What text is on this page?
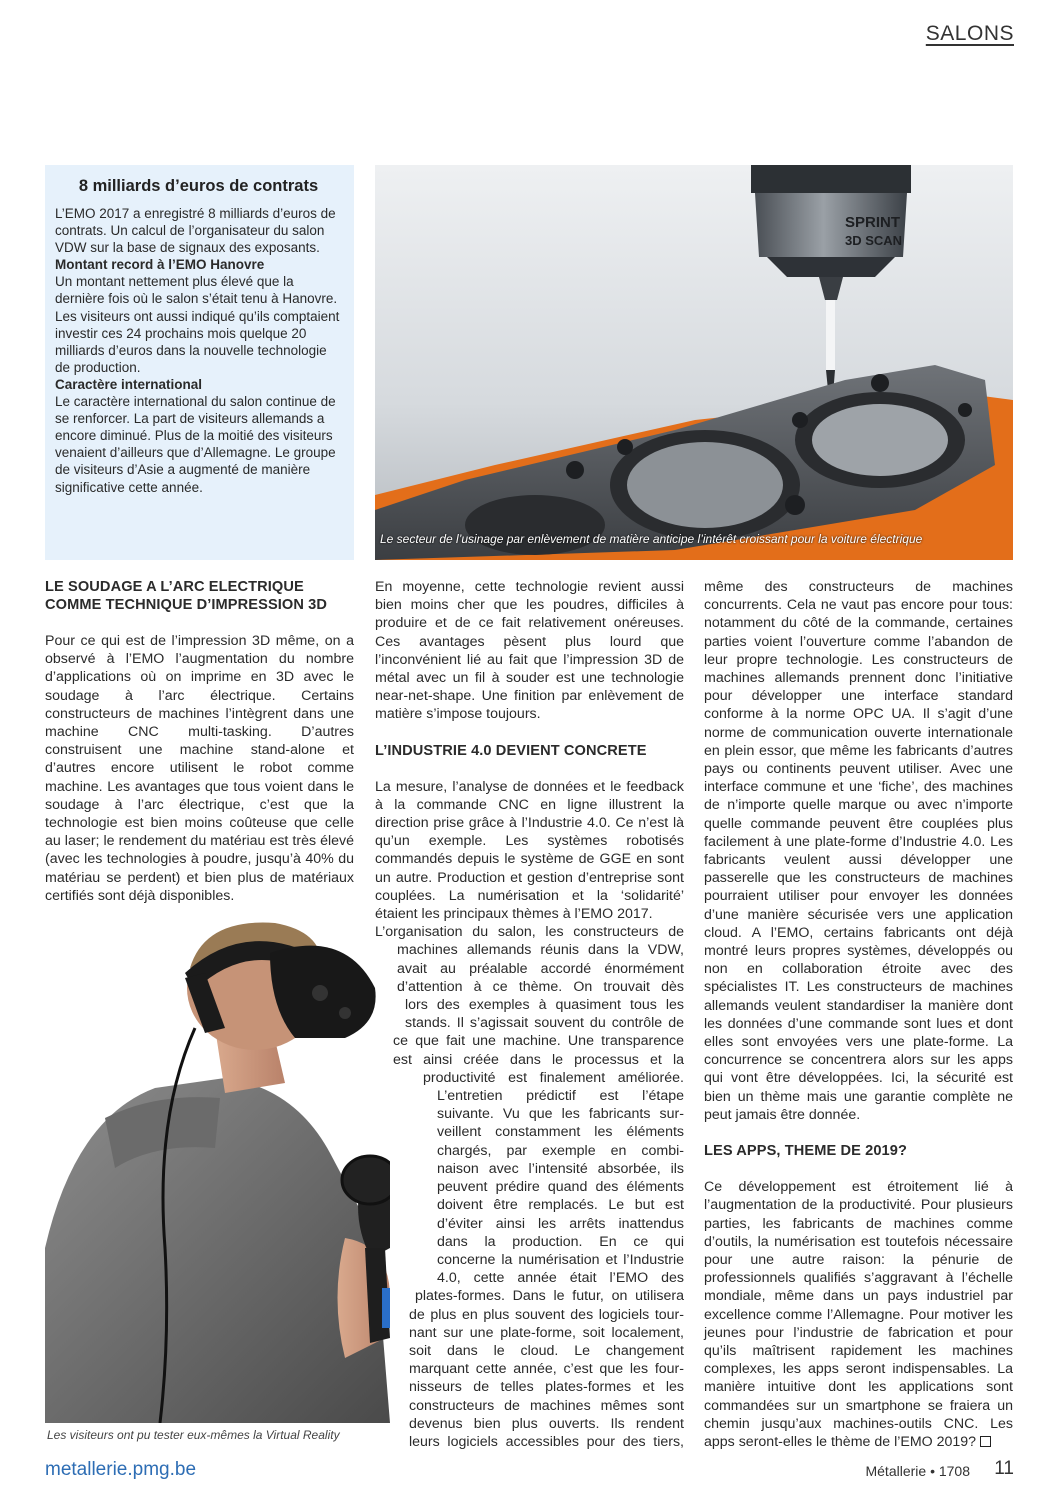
SALONS
8 milliards d’euros de contrats

L’EMO 2017 a enregistré 8 milliards d’euros de contrats. Un calcul de l’organisateur du salon VDW sur la base de signaux des exposants.

Montant record à l’EMO Hanovre

Un montant nettement plus élevé que la dernière fois où le salon s’était tenu à Hanovre. Les visiteurs ont aussi indiqué qu’ils comptaient investir ces 24 prochains mois quelque 20 milliards d’euros dans la nouvelle technologie de production.

Caractère international

Le caractère international du salon continue de se renforcer. La part de visiteurs allemands a encore diminué. Plus de la moitié des visiteurs venaient d’ailleurs que d’Allemagne. Le groupe de visiteurs d’Asie a augmenté de manière significative cette année.

SPRINT
3D SCAN
Le secteur de l’usinage par enlèvement de matière anticipe l’intérêt croissant pour la voiture électrique
LE SOUDAGE A L’ARC ELECTRIQUE COMME TECHNIQUE D’IMPRESSION 3D

Pour ce qui est de l’impression 3D même, on a observé à l’EMO l’augmentation du nombre d’applications où on imprime en 3D avec le soudage à l’arc électrique. Certains constructeurs de machines l’intègrent dans une machine CNC multi-tasking. D’autres construisent une machine stand-alone et d’autres encore utilisent le robot comme machine. Les avantages que tous voient dans le soudage à l’arc électrique, c’est que la technologie est bien moins coûteuse que celle au laser; le rendement du matériau est très élevé (avec les technologies à poudre, jusqu’à 40% du matériau se perdent) et bien plus de matériaux certifiés sont déjà disponibles.

Les visiteurs ont pu tester eux-mêmes la Virtual Reality

En moyenne, cette technologie revient aussi bien moins cher que les poudres, difficiles à produire et de ce fait relativement onéreuses. Ces avantages pèsent plus lourd que l’inconvénient lié au fait que l’impression 3D de métal avec un fil à souder est une technologie near-net-shape. Une finition par enlèvement de matière s’impose toujours.

L’INDUSTRIE 4.0 DEVIENT CONCRETE

La mesure, l’analyse de données et le feedback à la commande CNC en ligne illustrent la direction prise grâce à l’Industrie 4.0. Ce n’est là qu’un exemple. Les systèmes robotisés commandés depuis le système de GGE en sont un autre. Production et gestion d’entreprise sont couplées. La numérisation et la ‘solidarité’ étaient les principaux thèmes à l’EMO 2017.

L’organisation du salon, les constructeurs de
machines allemands réunis dans la VDW,
avait au préalable accordé énormément
d’attention à ce thème. On trouvait dès
lors des exemples à quasiment tous les
stands. Il s’agissait souvent du contrôle de
ce que fait une machine. Une transparence
est ainsi créée dans le processus et la
productivité est finalement améliorée.
L’entretien prédictif est l’étape
suivante. Vu que les fabricants sur-
veillent constamment les éléments
chargés, par exemple en combi-
naison avec l’intensité absorbée, ils
peuvent prédire quand des éléments
doivent être remplacés. Le but est
d’éviter ainsi les arrêts inattendus
dans la production. En ce qui
concerne la numérisation et l’Industrie
4.0, cette année était l’EMO des
plates-formes. Dans le futur, on utilisera
de plus en plus souvent des logiciels tour-
nant sur une plate-forme, soit localement,
soit dans le cloud. Le changement
marquant cette année, c’est que les four-
nisseurs de telles plates-formes et les
constructeurs de machines mêmes sont
devenus bien plus ouverts. Ils rendent
leurs logiciels accessibles pour des tiers,

même des constructeurs de machines concurrents. Cela ne vaut pas encore pour tous: notamment du côté de la commande, certaines parties voient l’ouverture comme l’abandon de leur propre technologie. Les constructeurs de machines allemands prennent donc l’initiative pour développer une interface standard conforme à la norme OPC UA. Il s’agit d’une norme de communication ouverte internationale en plein essor, que même les fabricants d’autres pays ou continents peuvent utiliser. Avec une interface commune et une ‘fiche’, des machines de n’importe quelle marque ou avec n’importe quelle commande peuvent être couplées plus facilement à une plate-forme d’Industrie 4.0. Les fabricants veulent aussi développer une passerelle que les constructeurs de machines pourraient utiliser pour envoyer les données d’une manière sécurisée vers une application cloud. A l’EMO, certains fabricants ont déjà montré leurs propres systèmes, développés ou non en collaboration étroite avec des spécialistes IT. Les constructeurs de machines allemands veulent standardiser la manière dont les données d’une commande sont lues et dont elles sont envoyées vers une plate-forme. La concurrence se concentrera alors sur les apps qui vont être développées. Ici, la sécurité est bien un thème mais une garantie complète ne peut jamais être donnée.

LES APPS, THEME DE 2019?

Ce développement est étroitement lié à l’augmentation de la productivité. Pour plusieurs parties, les fabricants de machines comme d’outils, la numérisation est toutefois nécessaire pour une autre raison: la pénurie de professionnels qualifiés s’aggravant à l’échelle mondiale, même dans un pays industriel par excellence comme l’Allemagne. Pour motiver les jeunes pour l’industrie de fabrication et pour qu’ils maîtrisent rapidement les machines complexes, les apps seront indispensables. La manière intuitive dont les applications sont commandées sur un smartphone se fraiera un chemin jusqu’aux machines-outils CNC. Les apps seront-elles le thème de l’EMO 2019?

metallerie.pmg.be	Métallerie • 1708 11
